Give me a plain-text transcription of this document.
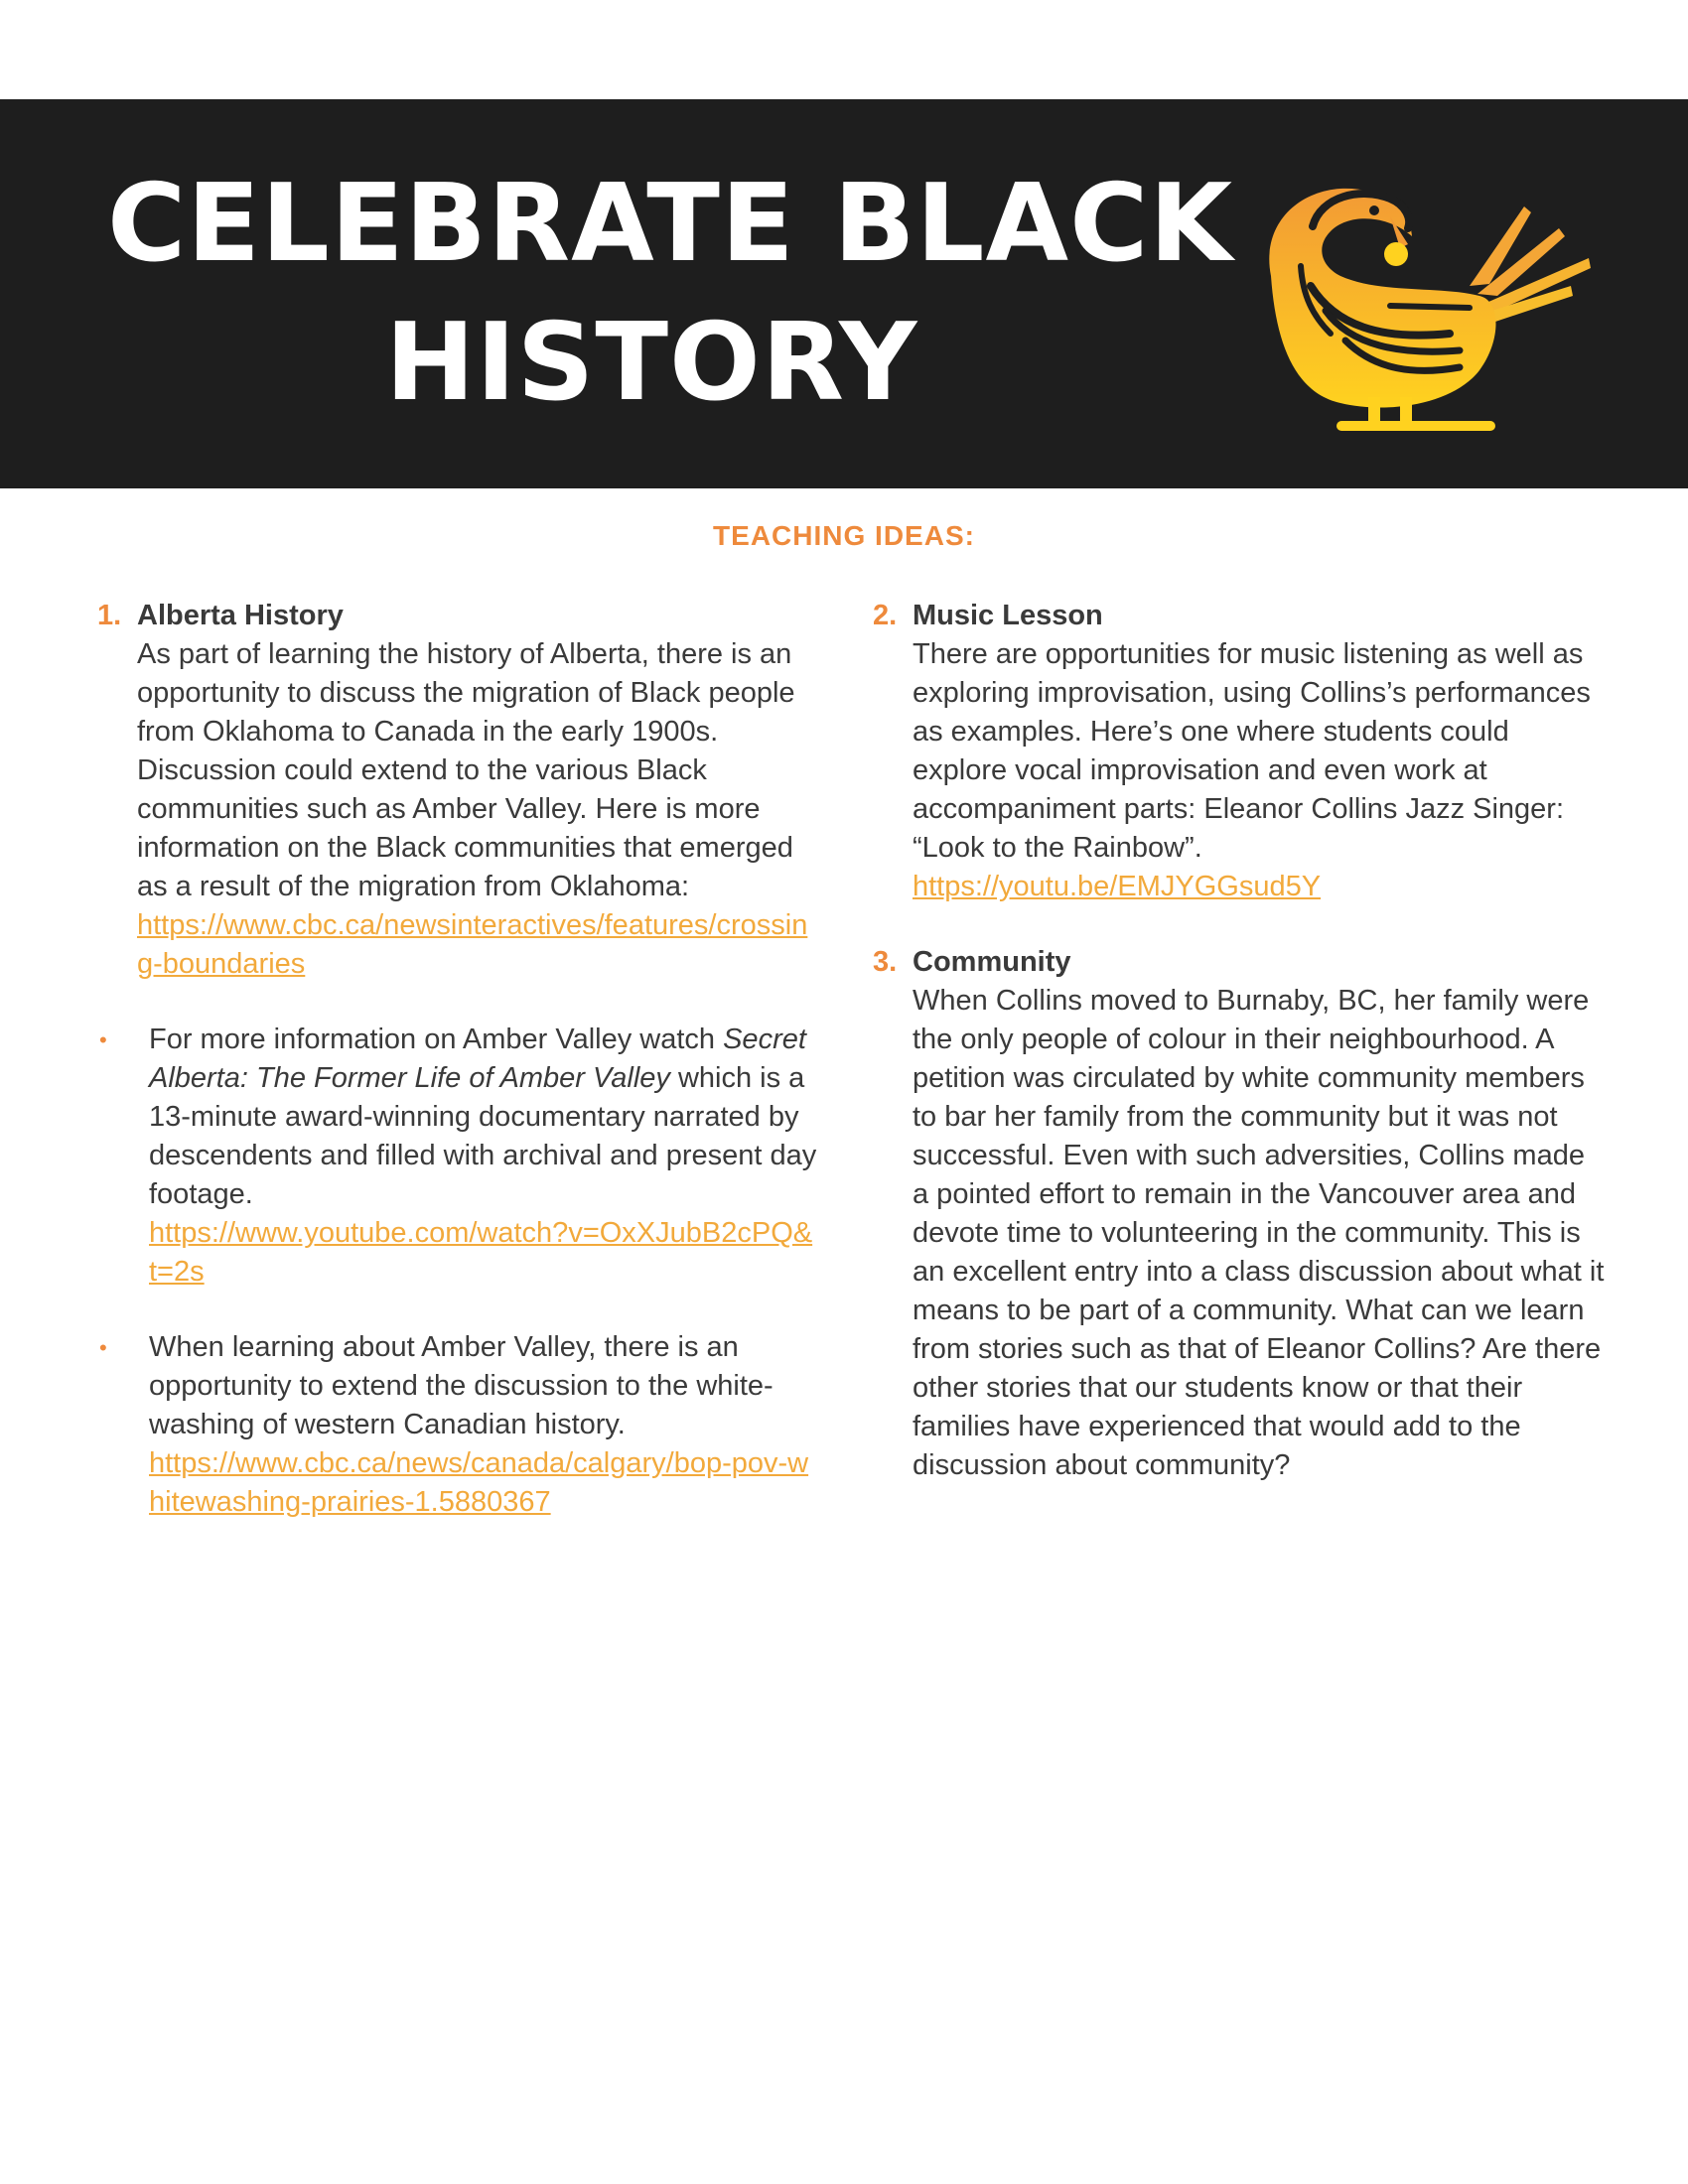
CELEBRATE BLACK
HISTORY
TEACHING IDEAS:
1. Alberta History

As part of learning the history of Alberta, there is an opportunity to discuss the migration of Black people from Oklahoma to Canada in the early 1900s. Discussion could extend to the various Black communities such as Amber Valley. Here is more information on the Black communities that emerged as a result of the migration from Oklahoma:

https://www.cbc.ca/newsinteractives/features/crossing-boundaries
• For more information on Amber Valley watch Secret Alberta: The Former Life of Amber Valley which is a 13-minute award-winning documentary narrated by descendents and filled with archival and present day footage.

https://www.youtube.com/watch?v=OxXJubB2cPQ&t=2s
• When learning about Amber Valley, there is an opportunity to extend the discussion to the white-washing of western Canadian history.

https://www.cbc.ca/news/canada/calgary/bop-pov-whitewashing-prairies-1.5880367
2. Music Lesson

There are opportunities for music listening as well as exploring improvisation, using Collins’s performances as examples. Here’s one where students could explore vocal improvisation and even work at accompaniment parts: Eleanor Collins Jazz Singer: “Look to the Rainbow”.

https://youtu.be/EMJYGGsud5Y
3. Community

When Collins moved to Burnaby, BC, her family were the only people of colour in their neighbourhood. A petition was circulated by white community members to bar her family from the community but it was not successful. Even with such adversities, Collins made a pointed effort to remain in the Vancouver area and devote time to volunteering in the community. This is an excellent entry into a class discussion about what it means to be part of a community. What can we learn from stories such as that of Eleanor Collins? Are there other stories that our students know or that their families have experienced that would add to the discussion about community?
